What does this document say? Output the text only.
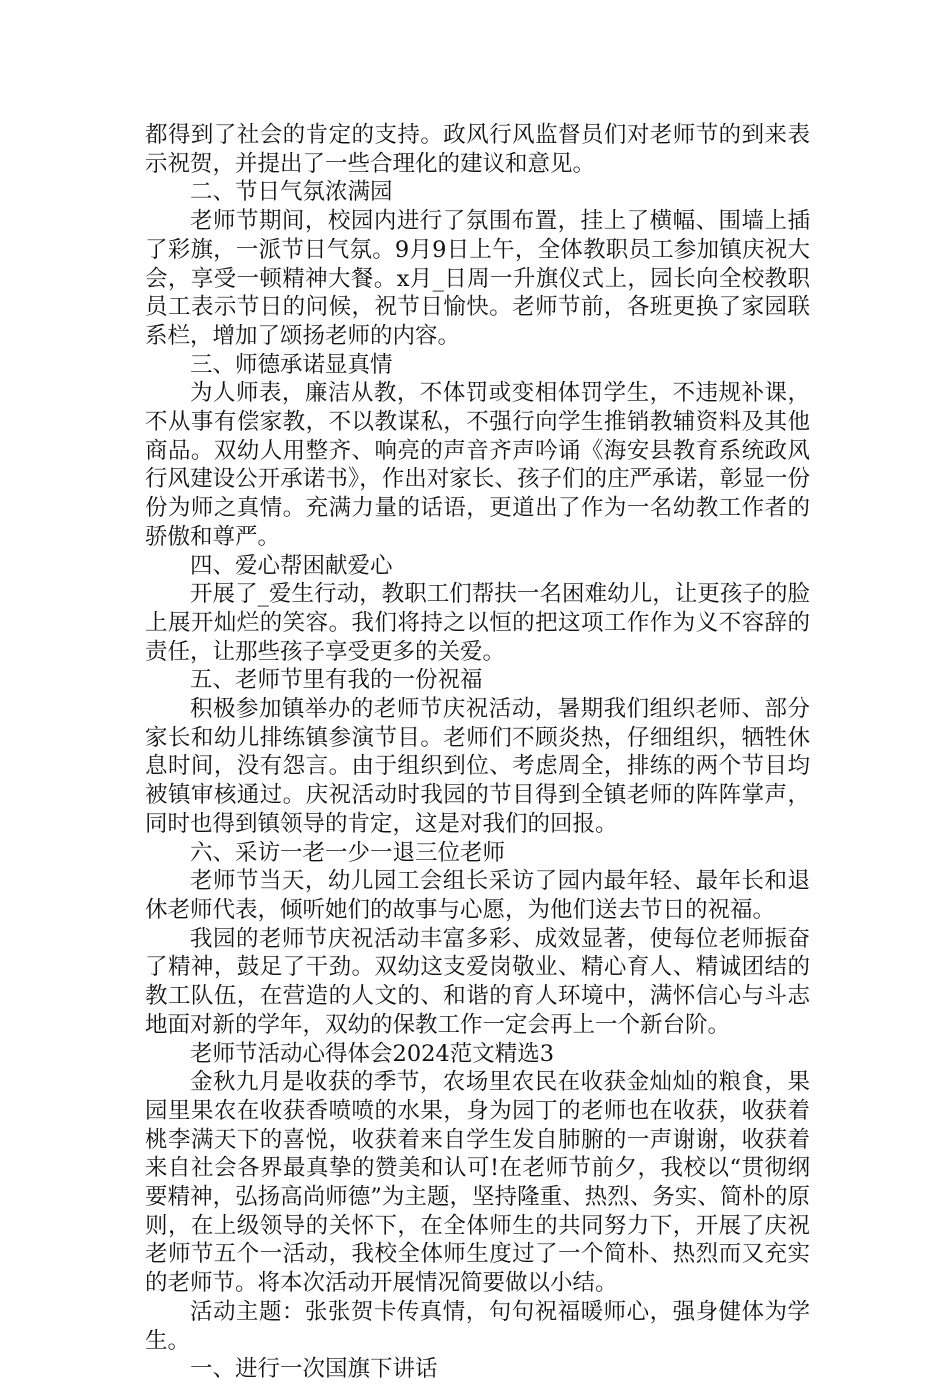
都得到了社会的肯定的支持。政风行风监督员们对老师节的到来表示祝贺，并提出了一些合理化的建议和意见。

二、节日气氛浓满园

老师节期间，校园内进行了氛围布置，挂上了横幅、围墙上插了彩旗，一派节日气氛。9月9日上午，全体教职员工参加镇庆祝大会，享受一顿精神大餐。x月_日周一升旗仪式上，园长向全校教职员工表示节日的问候，祝节日愉快。老师节前，各班更换了家园联系栏，增加了颂扬老师的内容。

三、师德承诺显真情

为人师表，廉洁从教，不体罚或变相体罚学生，不违规补课，不从事有偿家教，不以教谋私，不强行向学生推销教辅资料及其他商品。双幼人用整齐、响亮的声音齐声吟诵《海安县教育系统政风行风建设公开承诺书》，作出对家长、孩子们的庄严承诺，彰显一份份为师之真情。充满力量的话语，更道出了作为一名幼教工作者的骄傲和尊严。

四、爱心帮困献爱心

开展了_爱生行动，教职工们帮扶一名困难幼儿，让更孩子的脸上展开灿烂的笑容。我们将持之以恒的把这项工作作为义不容辞的责任，让那些孩子享受更多的关爱。

五、老师节里有我的一份祝福

积极参加镇举办的老师节庆祝活动，暑期我们组织老师、部分家长和幼儿排练镇参演节目。老师们不顾炎热，仔细组织，牺牲休息时间，没有怨言。由于组织到位、考虑周全，排练的两个节目均被镇审核通过。庆祝活动时我园的节目得到全镇老师的阵阵掌声，同时也得到镇领导的肯定，这是对我们的回报。

六、采访一老一少一退三位老师

老师节当天，幼儿园工会组长采访了园内最年轻、最年长和退休老师代表，倾听她们的故事与心愿，为他们送去节日的祝福。

我园的老师节庆祝活动丰富多彩、成效显著，使每位老师振奋了精神，鼓足了干劲。双幼这支爱岗敬业、精心育人、精诚团结的教工队伍，在营造的人文的、和谐的育人环境中，满怀信心与斗志地面对新的学年，双幼的保教工作一定会再上一个新台阶。

老师节活动心得体会2024范文精选3

金秋九月是收获的季节，农场里农民在收获金灿灿的粮食，果园里果农在收获香喷喷的水果，身为园丁的老师也在收获，收获着桃李满天下的喜悦，收获着来自学生发自肺腑的一声谢谢，收获着来自社会各界最真挚的赞美和认可!在老师节前夕，我校以“贯彻纲要精神，弘扬高尚师德”为主题，坚持隆重、热烈、务实、简朴的原则，在上级领导的关怀下，在全体师生的共同努力下，开展了庆祝老师节五个一活动，我校全体师生度过了一个简朴、热烈而又充实的老师节。将本次活动开展情况简要做以小结。

活动主题：张张贺卡传真情，句句祝福暖师心，强身健体为学生。

一、进行一次国旗下讲话
